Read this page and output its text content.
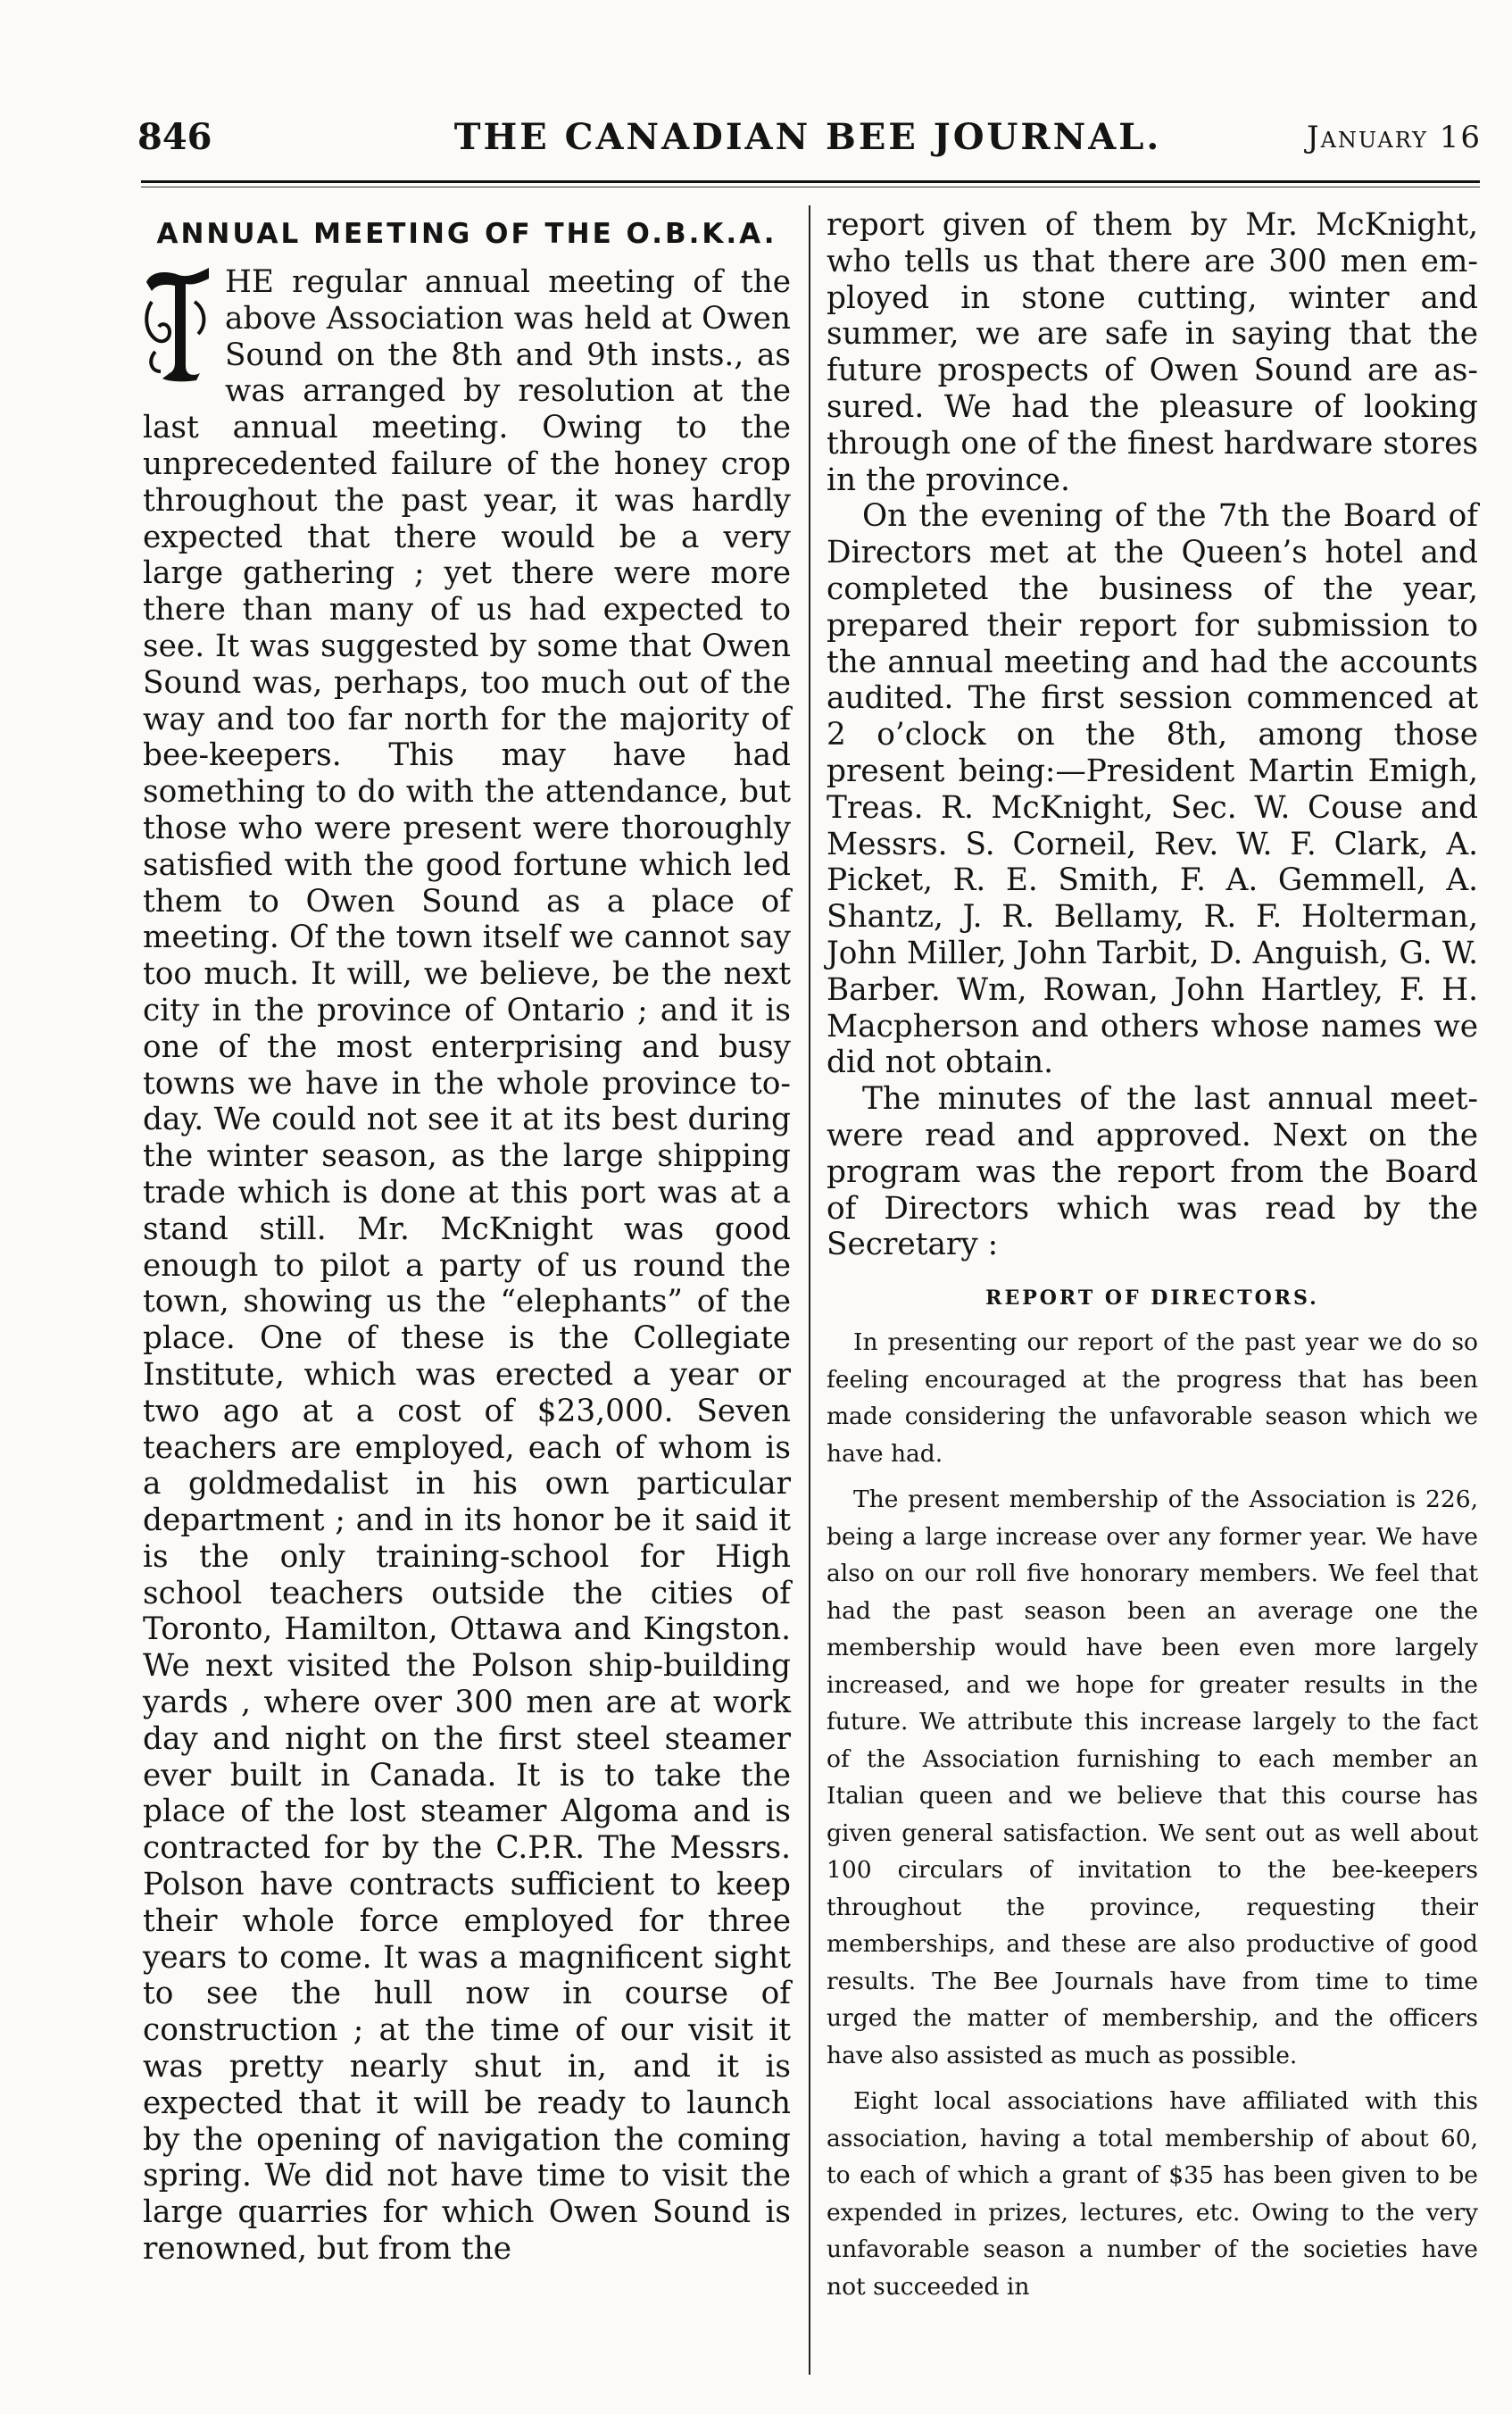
846	THE CANADIAN BEE JOURNAL.	January 16
ANNUAL MEETING OF THE O.B.K.A.

HE regular annual meeting of the above Association was held at Owen Sound on the 8th and 9th insts., as was arranged by resolution at the last annual meeting. Owing to the unprecedented failure of the honey crop throughout the past year, it was hardly expected that there would be a very large gathering ; yet there were more there than many of us had expected to see. It was suggested by some that Owen Sound was, perhaps, too much out of the way and too far north for the majority of bee-keepers. This may have had something to do with the attendance, but those who were present were thoroughly satisfied with the good fortune which led them to Owen Sound as a place of meeting. Of the town itself we cannot say too much. It will, we believe, be the next city in the province of Ontario ; and it is one of the most enterprising and busy towns we have in the whole province today. We could not see it at its best during the winter season, as the large shipping trade which is done at this port was at a stand still. Mr. McKnight was good enough to pilot a party of us round the town, showing us the “elephants” of the place. One of these is the Collegiate Institute, which was erected a year or two ago at a cost of $23,000. Seven teachers are employed, each of whom is a goldmedalist in his own particular department ; and in its honor be it said it is the only training-school for High school teachers outside the cities of Toronto, Hamilton, Ottawa and Kingston. We next visited the Polson ship-building yards , where over 300 men are at work day and night on the first steel steamer ever built in Canada. It is to take the place of the lost steamer Algoma and is contracted for by the C.P.R. The Messrs. Polson have contracts sufficient to keep their whole force employed for three years to come. It was a magnificent sight to see the hull now in course of construction ; at the time of our visit it was pretty nearly shut in, and it is expected that it will be ready to launch by the opening of navigation the coming spring. We did not have time to visit the large quarries for which Owen Sound is renowned, but from the

report given of them by Mr. McKnight, who tells us that there are 300 men employed in stone cutting, winter and summer, we are safe in saying that the future prospects of Owen Sound are assured. We had the pleasure of looking through one of the finest hardware stores in the province.

On the evening of the 7th the Board of Directors met at the Queen’s hotel and completed the business of the year, prepared their report for submission to the annual meeting and had the accounts audited. The first session commenced at 2 o’clock on the 8th, among those present being:—President Martin Emigh, Treas. R. McKnight, Sec. W. Couse and Messrs. S. Corneil, Rev. W. F. Clark, A. Picket, R. E. Smith, F. A. Gemmell, A. Shantz, J. R. Bellamy, R. F. Holterman, John Miller, John Tarbit, D. Anguish, G. W. Barber. Wm, Rowan, John Hartley, F. H. Macpherson and others whose names we did not obtain.

The minutes of the last annual meetwere read and approved. Next on the program was the report from the Board of Directors which was read by the Secretary :

REPORT OF DIRECTORS.

In presenting our report of the past year we do so feeling encouraged at the progress that has been made considering the unfavorable season which we have had.

The present membership of the Association is 226, being a large increase over any former year. We have also on our roll five honorary members. We feel that had the past season been an average one the membership would have been even more largely increased, and we hope for greater results in the future. We attribute this increase largely to the fact of the Association furnishing to each member an Italian queen and we believe that this course has given general satisfaction. We sent out as well about 100 circulars of invitation to the bee-keepers throughout the province, requesting their memberships, and these are also productive of good results. The Bee Journals have from time to time urged the matter of membership, and the officers have also assisted as much as possible.

Eight local associations have affiliated with this association, having a total membership of about 60, to each of which a grant of $35 has been given to be expended in prizes, lectures, etc. Owing to the very unfavorable season a number of the societies have not succeeded in
